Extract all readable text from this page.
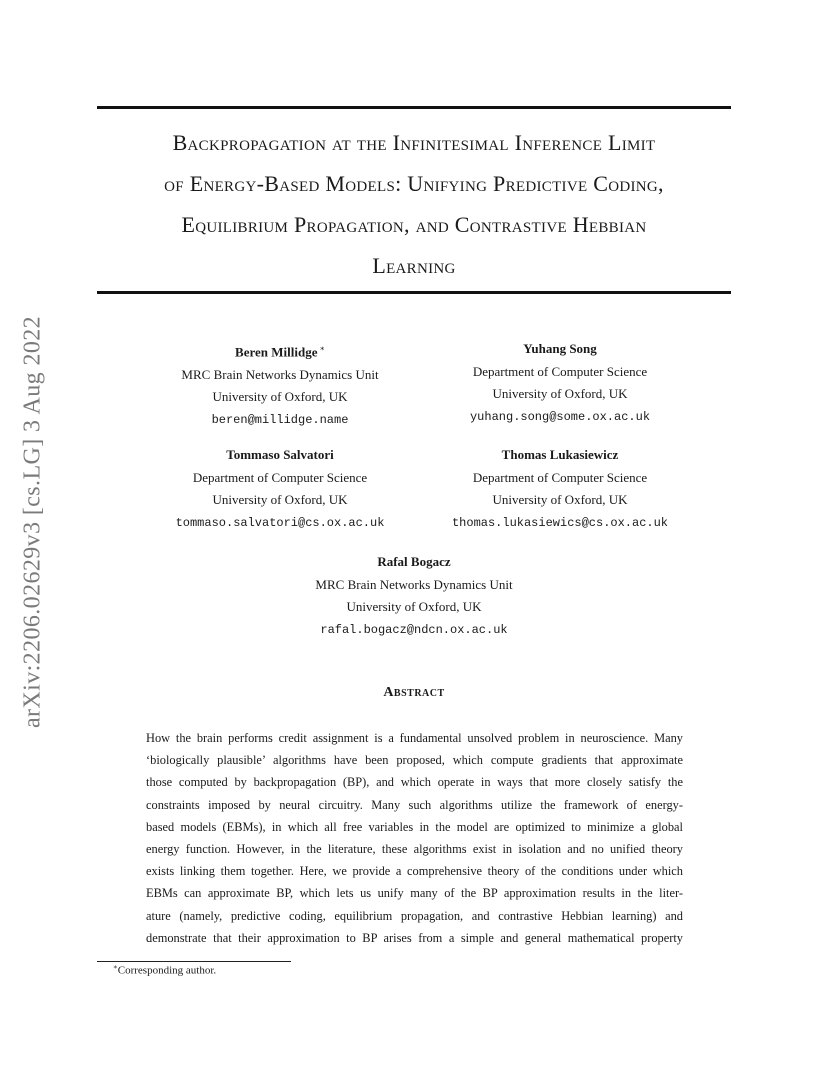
arXiv:2206.02629v3 [cs.LG] 3 Aug 2022
Backpropagation at the Infinitesimal Inference Limit
of Energy-Based Models: Unifying Predictive Coding,
Equilibrium Propagation, and Contrastive Hebbian
Learning
Beren Millidge ∗
MRC Brain Networks Dynamics Unit
University of Oxford, UK
beren@millidge.name
Yuhang Song
Department of Computer Science
University of Oxford, UK
yuhang.song@some.ox.ac.uk
Tommaso Salvatori
Department of Computer Science
University of Oxford, UK
tommaso.salvatori@cs.ox.ac.uk
Thomas Lukasiewicz
Department of Computer Science
University of Oxford, UK
thomas.lukasiewics@cs.ox.ac.uk
Rafal Bogacz
MRC Brain Networks Dynamics Unit
University of Oxford, UK
rafal.bogacz@ndcn.ox.ac.uk
Abstract
How the brain performs credit assignment is a fundamental unsolved problem in neuroscience. Many
‘biologically plausible’ algorithms have been proposed, which compute gradients that approximate
those computed by backpropagation (BP), and which operate in ways that more closely satisfy the
constraints imposed by neural circuitry. Many such algorithms utilize the framework of energy-
based models (EBMs), in which all free variables in the model are optimized to minimize a global
energy function. However, in the literature, these algorithms exist in isolation and no unified theory
exists linking them together. Here, we provide a comprehensive theory of the conditions under which
EBMs can approximate BP, which lets us unify many of the BP approximation results in the liter-
ature (namely, predictive coding, equilibrium propagation, and contrastive Hebbian learning) and
demonstrate that their approximation to BP arises from a simple and general mathematical property
∗Corresponding author.
